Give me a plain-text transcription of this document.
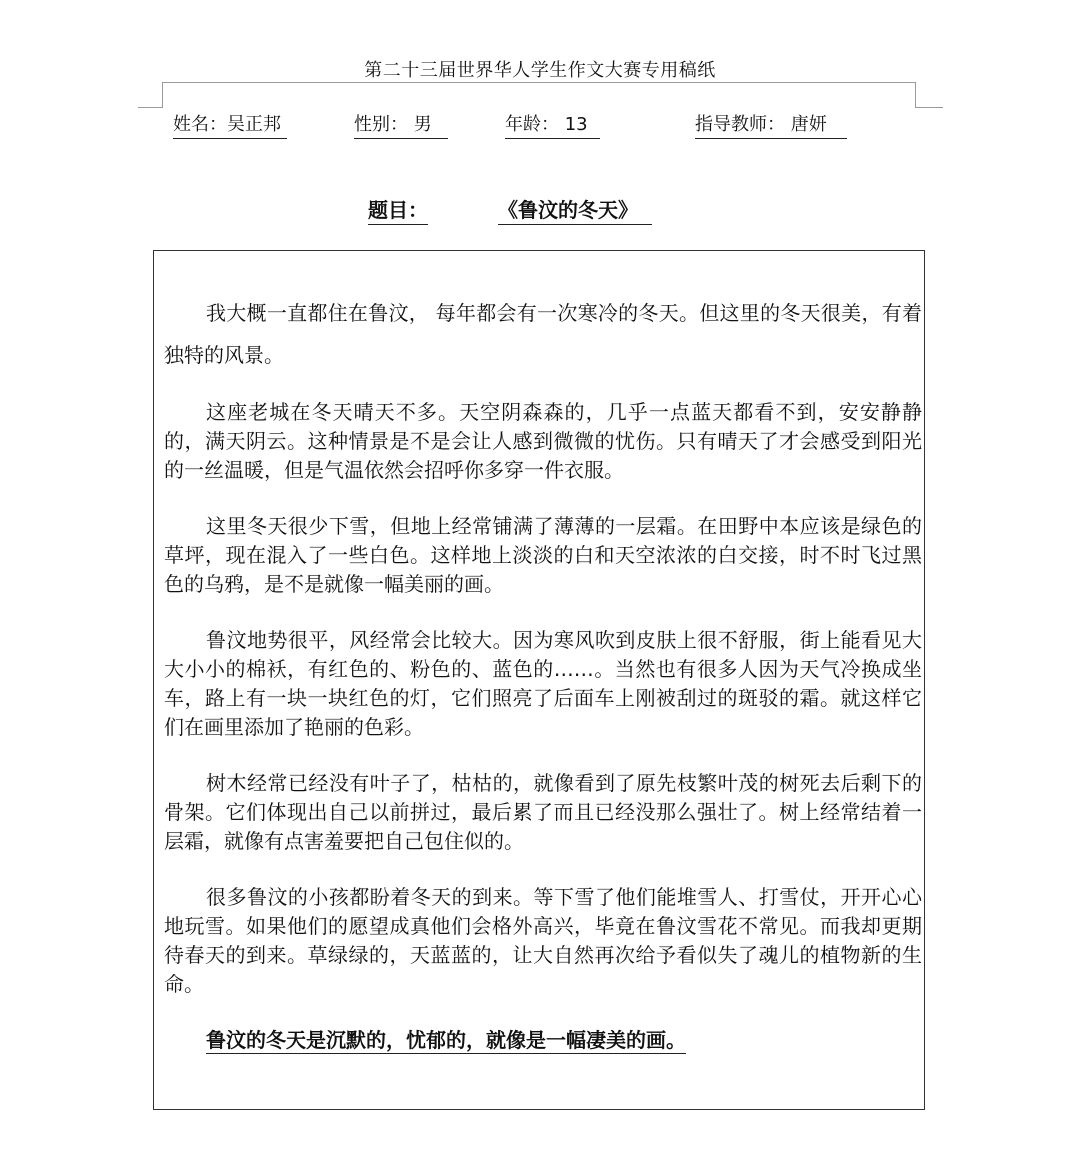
第二十三届世界华人学生作文大赛专用稿纸
姓名：吴正邦	性别： 男	年龄： 13	指导教师： 唐妍
题目：	《鲁汶的冬天》

我大概一直都住在鲁汶， 每年都会有一次寒冷的冬天。但这里的冬天很美，有着独特的风景。

这座老城在冬天晴天不多。天空阴森森的，几乎一点蓝天都看不到，安安静静的，满天阴云。这种情景是不是会让人感到微微的忧伤。只有晴天了才会感受到阳光的一丝温暖，但是气温依然会招呼你多穿一件衣服。

这里冬天很少下雪，但地上经常铺满了薄薄的一层霜。在田野中本应该是绿色的草坪，现在混入了一些白色。这样地上淡淡的白和天空浓浓的白交接，时不时飞过黑色的乌鸦，是不是就像一幅美丽的画。

鲁汶地势很平，风经常会比较大。因为寒风吹到皮肤上很不舒服，街上能看见大大小小的棉袄，有红色的、粉色的、蓝色的……。当然也有很多人因为天气冷换成坐车，路上有一块一块红色的灯，它们照亮了后面车上刚被刮过的斑驳的霜。就这样它们在画里添加了艳丽的色彩。

树木经常已经没有叶子了，枯枯的，就像看到了原先枝繁叶茂的树死去后剩下的骨架。它们体现出自己以前拼过，最后累了而且已经没那么强壮了。树上经常结着一层霜，就像有点害羞要把自己包住似的。

很多鲁汶的小孩都盼着冬天的到来。等下雪了他们能堆雪人、打雪仗，开开心心地玩雪。如果他们的愿望成真他们会格外高兴，毕竟在鲁汶雪花不常见。而我却更期待春天的到来。草绿绿的，天蓝蓝的，让大自然再次给予看似失了魂儿的植物新的生命。

鲁汶的冬天是沉默的，忧郁的，就像是一幅凄美的画。
